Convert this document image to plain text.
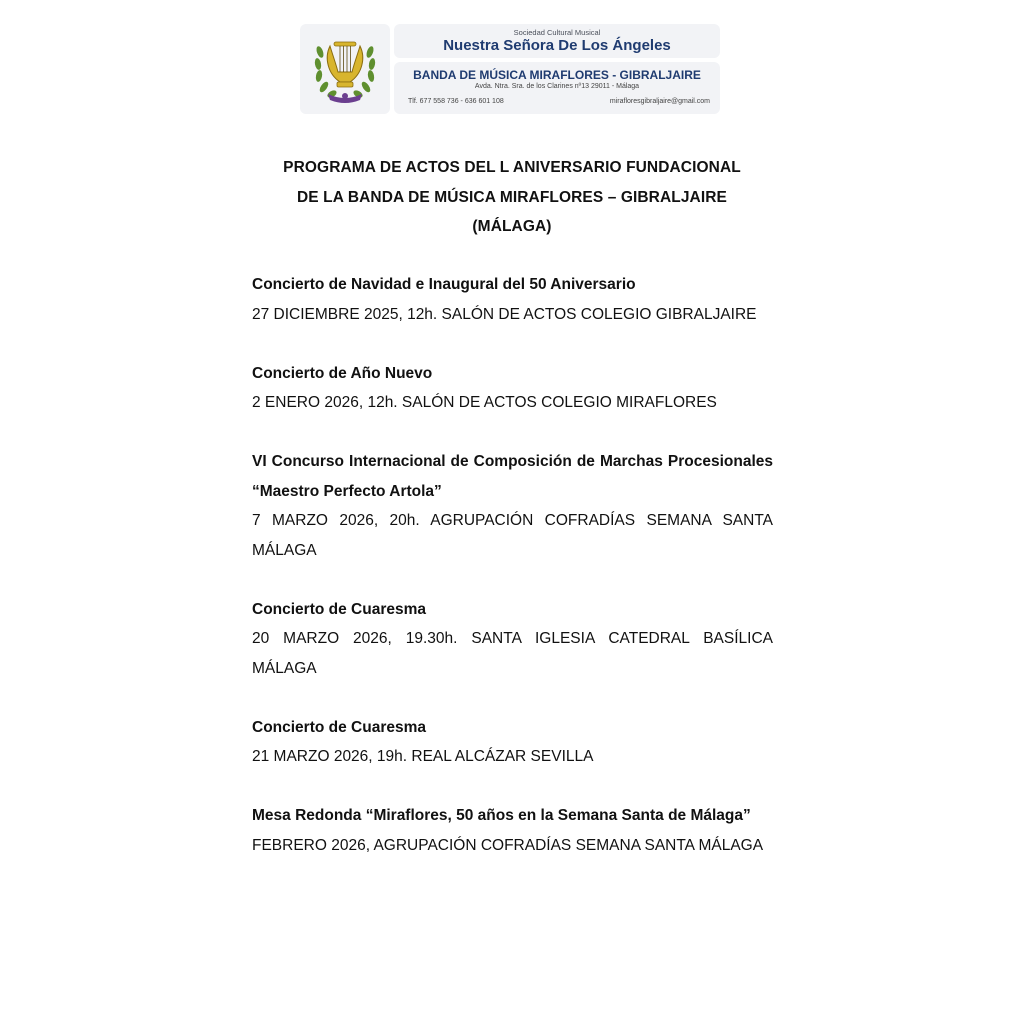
Sociedad Cultural Musical
Nuestra Señora De Los Ángeles
BANDA DE MÚSICA MIRAFLORES - GIBRALJAIRE
Avda. Ntra. Sra. de los Clarines nº13 29011 - Málaga
Tlf. 677 558 736 - 636 601 108	mirafloresgibraljaire@gmail.com
PROGRAMA DE ACTOS DEL L ANIVERSARIO FUNDACIONAL
DE LA BANDA DE MÚSICA MIRAFLORES – GIBRALJAIRE
(MÁLAGA)
Concierto de Navidad e Inaugural del 50 Aniversario
27 DICIEMBRE 2025, 12h. SALÓN DE ACTOS COLEGIO GIBRALJAIRE
Concierto de Año Nuevo
2 ENERO 2026, 12h. SALÓN DE ACTOS COLEGIO MIRAFLORES
VI Concurso Internacional de Composición de Marchas Procesionales “Maestro Perfecto Artola”
7 MARZO 2026, 20h. AGRUPACIÓN COFRADÍAS SEMANA SANTA MÁLAGA
Concierto de Cuaresma
20 MARZO 2026, 19.30h. SANTA IGLESIA CATEDRAL BASÍLICA MÁLAGA
Concierto de Cuaresma
21 MARZO 2026, 19h. REAL ALCÁZAR SEVILLA
Mesa Redonda “Miraflores, 50 años en la Semana Santa de Málaga”
FEBRERO 2026, AGRUPACIÓN COFRADÍAS SEMANA SANTA MÁLAGA
